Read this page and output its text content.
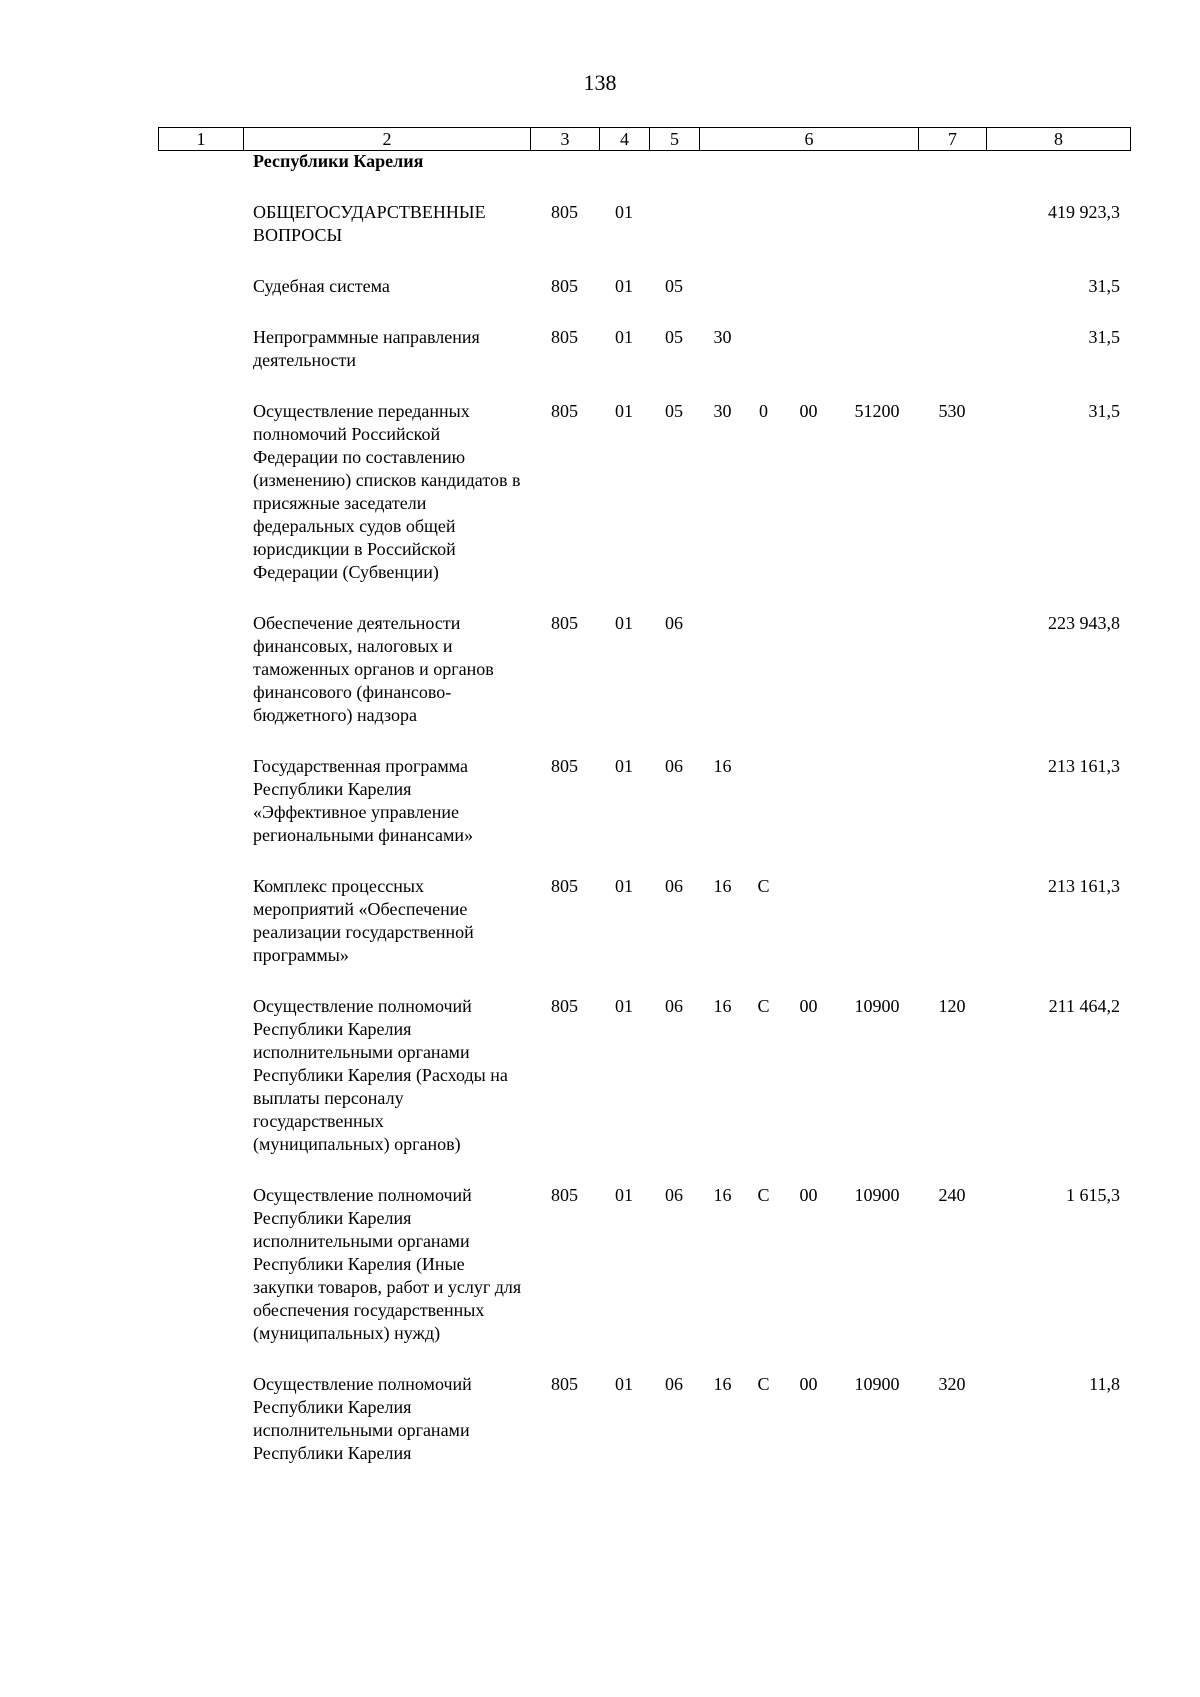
138
1	2	3	4	5	6	7	8
	Республики Карелия									

	ОБЩЕГОСУДАРСТВЕННЫЕ ВОПРОСЫ	805	01							419 923,3

	Судебная система	805	01	05						31,5

	Непрограммные направления деятельности	805	01	05	30					31,5

	Осуществление переданных полномочий Российской Федерации по составлению (изменению) списков кандидатов в присяжные заседатели федеральных судов общей юрисдикции в Российской Федерации (Субвенции)	805	01	05	30	0	00	51200	530	31,5

	Обеспечение деятельности финансовых, налоговых и таможенных органов и органов финансового (финансово-бюджетного) надзора	805	01	06						223 943,8

	Государственная программа Республики Карелия «Эффективное управление региональными финансами»	805	01	06	16					213 161,3

	Комплекс процессных мероприятий «Обеспечение реализации государственной программы»	805	01	06	16	С				213 161,3

	Осуществление полномочий Республики Карелия исполнительными органами Республики Карелия (Расходы на выплаты персоналу государственных (муниципальных) органов)	805	01	06	16	С	00	10900	120	211 464,2

	Осуществление полномочий Республики Карелия исполнительными органами Республики Карелия (Иные закупки товаров, работ и услуг для обеспечения государственных (муниципальных) нужд)	805	01	06	16	С	00	10900	240	1 615,3

	Осуществление полномочий Республики Карелия исполнительными органами Республики Карелия	805	01	06	16	С	00	10900	320	11,8
